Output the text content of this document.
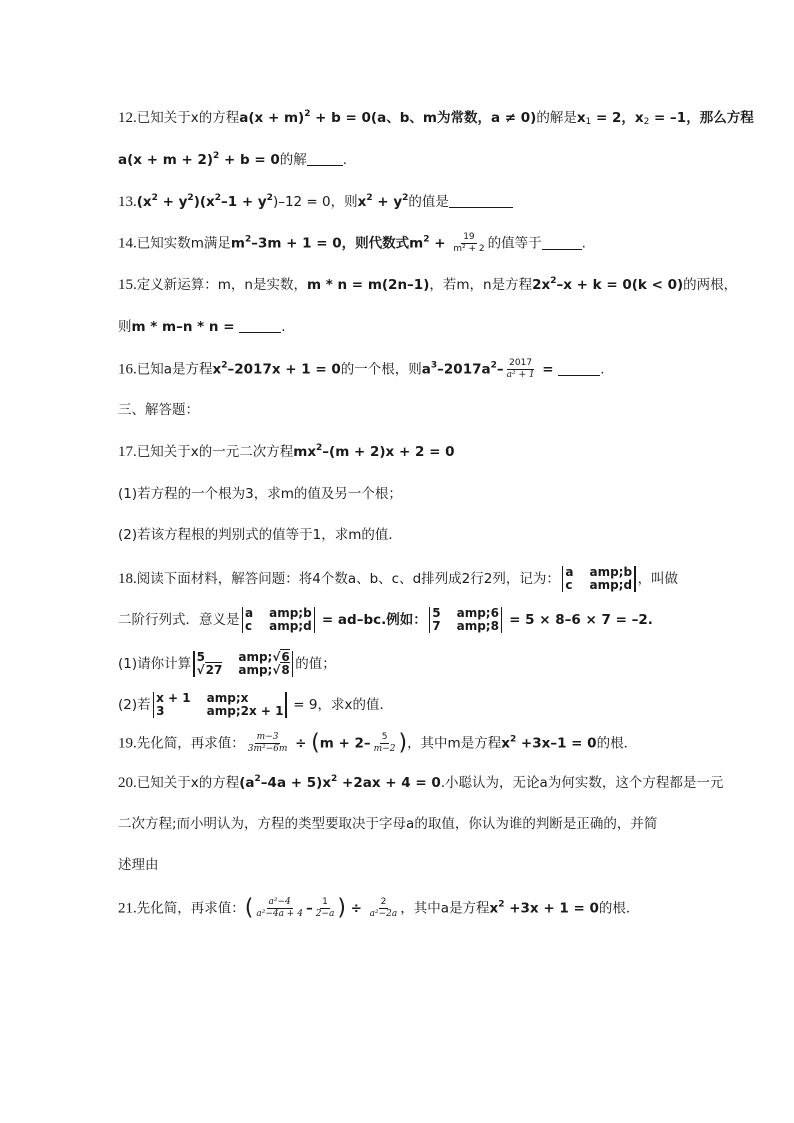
12.已知关于x的方程$a(x + m)^2 + b = 0(a$、b、m为常数，a ≠ 0)的解是$x_1 = 2$，$x_2 = -1$，那么方程
$a(x + m + 2)^2 + b = 0$的解	.
$13.(x^2 + y^2)(x^2-1 + y^2)-12 = 0$，则$x^2 + y^2$的值是
14.已知实数m满足$m^2-3m + 1 = 0$，则代数式$m^2 + \frac{19}{\text{m² + 2}}$ 的值等于	.
15.定义新运算：m，n是实数，m * n = m(2n–1)，若m，n是方程$2x^2-x + k = 0(k < 0)$的两根，
则m * m–n * n =	.
16.已知a是方程$x^2-2017x + 1 = 0$的一个根，则$a^3-2017a^2- \frac{2017}{\text{a² + 1}}$ =	.
三、解答题：
17.已知关于x的一元二次方程$mx^2-(m + 2)x + 2 = 0$
(1)若方程的一个根为3，求m的值及另一个根；
(2)若该方程根的判别式的值等于1，求m的值．
18.阅读下面材料，解答问题：将4个数a、b、c、d排列成2行2列，记为： a amp;b
c amp;d ，叫做
二阶行列式．意义是 a amp;b
c amp;d = ad–bc.例如： 5 amp;6
7 amp;8 = 5 × 8–6 × 7 = –2.
(1)请你计算 5	amp;√6
√27 amp;√8 的值；
(2)若 x + 1 amp;x
3	amp;2x + 1 = 9，求x的值．
19.先化简，再求值： $\frac{m-3}{\text{3m²−6m}} \div (m + 2- \frac{5}{m-2}$ )，其中m是方程$x^2 +3x-1 = 0$的根．
20.已知关于x的方程$(a^2-4a + 5)x^2 +2ax + 4 = 0$.小聪认为，无论a为何实数，这个方程都是一元
二次方程;而小明认为，方程的类型要取决于字母a的取值，你认为谁的判断是正确的，并简
述理由
21.先化简，再求值：( $\frac{\text{a²−4}}{\text{a²−4a + 4}} - \frac{1}{2-a}$ ) ÷ $\frac{2}{\text{a²−2a}}$ ，其中a是方程$x^2 +3x + 1 = 0$的根．
